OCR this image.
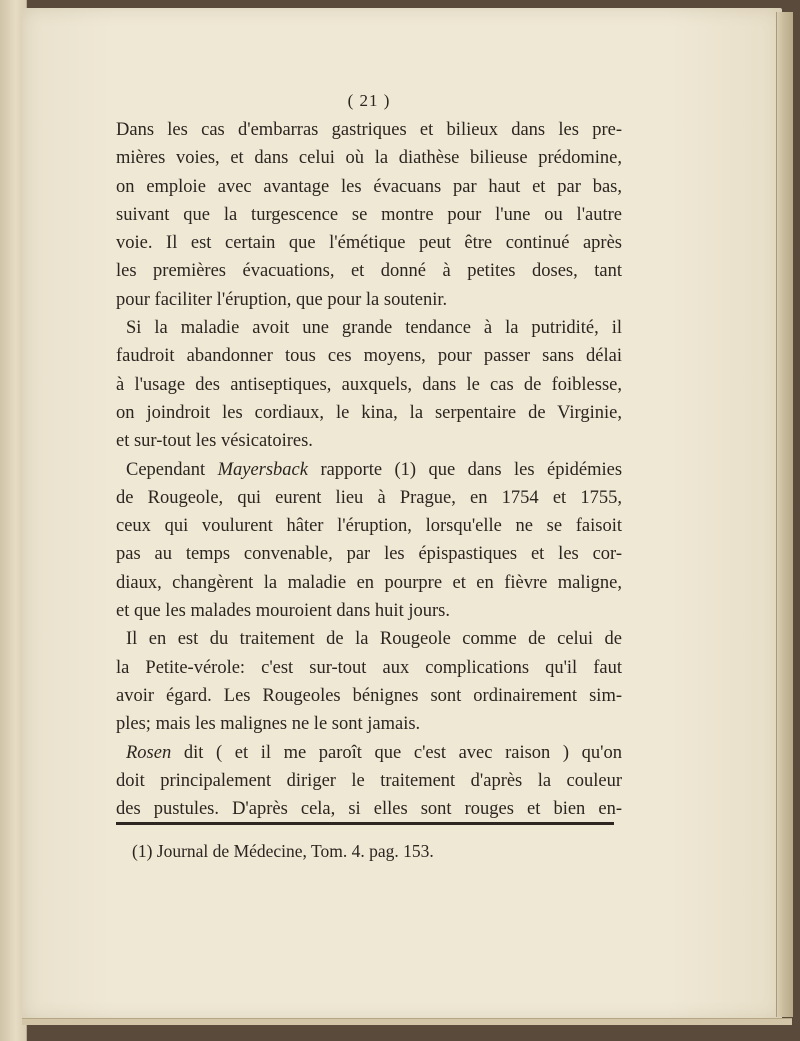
( 21 )
Dans les cas d'embarras gastriques et bilieux dans les pre-
mières voies, et dans celui où la diathèse bilieuse prédomine,
on emploie avec avantage les évacuans par haut et par bas,
suivant que la turgescence se montre pour l'une ou l'autre
voie. Il est certain que l'émétique peut être continué après
les premières évacuations, et donné à petites doses, tant
pour faciliter l'éruption, que pour la soutenir.
Si la maladie avoit une grande tendance à la putridité, il
faudroit abandonner tous ces moyens, pour passer sans délai
à l'usage des antiseptiques, auxquels, dans le cas de foiblesse,
on joindroit les cordiaux, le kina, la serpentaire de Virginie,
et sur-tout les vésicatoires.
Cependant Mayersback rapporte (1) que dans les épidémies
de Rougeole, qui eurent lieu à Prague, en 1754 et 1755,
ceux qui voulurent hâter l'éruption, lorsqu'elle ne se faisoit
pas au temps convenable, par les épispastiques et les cor-
diaux, changèrent la maladie en pourpre et en fièvre maligne,
et que les malades mouroient dans huit jours.
Il en est du traitement de la Rougeole comme de celui de
la Petite-vérole: c'est sur-tout aux complications qu'il faut
avoir égard. Les Rougeoles bénignes sont ordinairement sim-
ples; mais les malignes ne le sont jamais.
Rosen dit ( et il me paroît que c'est avec raison ) qu'on
doit principalement diriger le traitement d'après la couleur
des pustules. D'après cela, si elles sont rouges et bien en-
(1) Journal de Médecine, Tom. 4. pag. 153.
